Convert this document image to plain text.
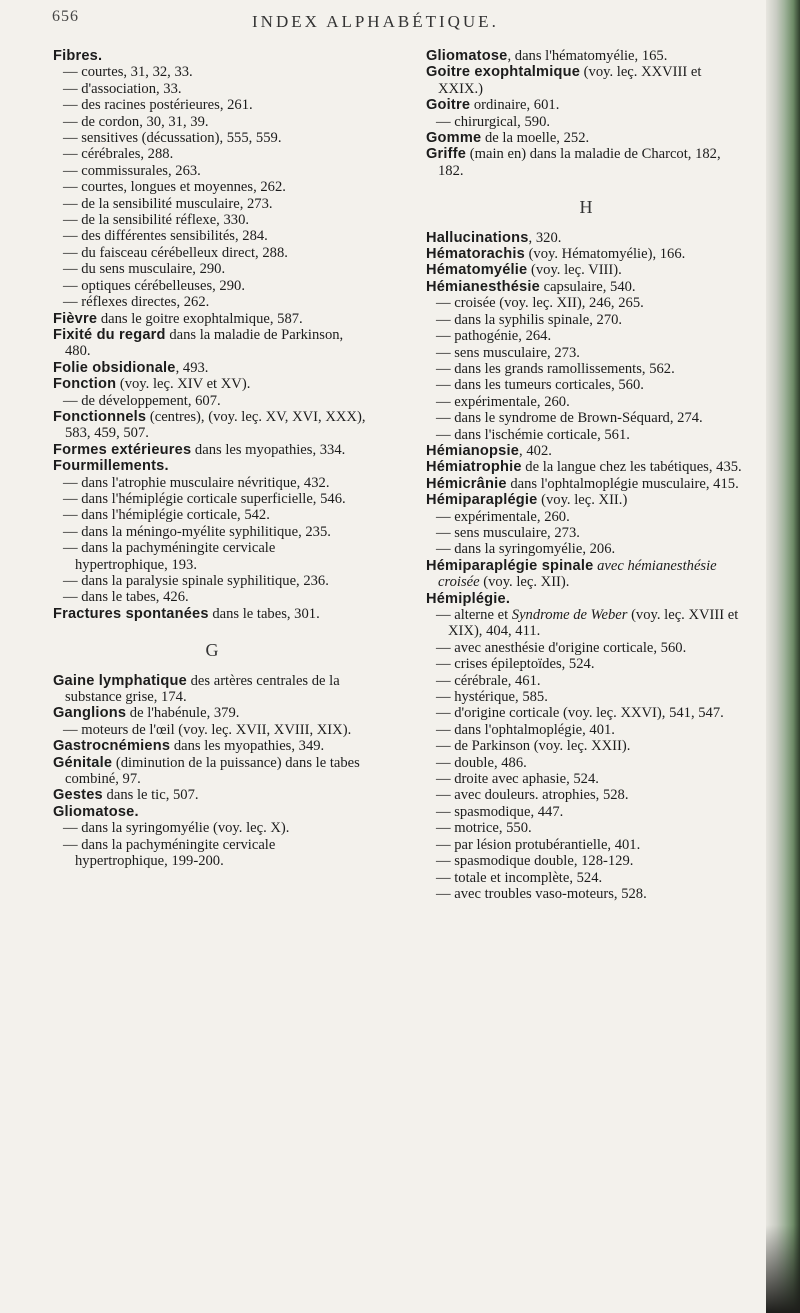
656	INDEX ALPHABÉTIQUE.

Fibres.

— courtes, 31, 32, 33.

— d'association, 33.

— des racines postérieures, 261.

— de cordon, 30, 31, 39.

— sensitives (décussation), 555, 559.

— cérébrales, 288.

— commissurales, 263.

— courtes, longues et moyennes, 262.

— de la sensibilité musculaire, 273.

— de la sensibilité réflexe, 330.

— des différentes sensibilités, 284.

— du faisceau cérébelleux direct, 288.

— du sens musculaire, 290.

— optiques cérébelleuses, 290.

— réflexes directes, 262.

Fièvre dans le goitre exophtalmique, 587.

Fixité du regard dans la maladie de Parkinson, 480.

Folie obsidionale, 493.

Fonction (voy. leç. XIV et XV).

— de développement, 607.

Fonctionnels (centres), (voy. leç. XV, XVI, XXX), 583, 459, 507.

Formes extérieures dans les myopathies, 334.

Fourmillements.

— dans l'atrophie musculaire névritique, 432.

— dans l'hémiplégie corticale superficielle, 546.

— dans l'hémiplégie corticale, 542.

— dans la méningo-myélite syphilitique, 235.

— dans la pachyméningite cervicale hypertrophique, 193.

— dans la paralysie spinale syphilitique, 236.

— dans le tabes, 426.

Fractures spontanées dans le tabes, 301.

G

Gaine lymphatique des artères centrales de la substance grise, 174.

Ganglions de l'habénule, 379.

— moteurs de l'œil (voy. leç. XVII, XVIII, XIX).

Gastrocnémiens dans les myopathies, 349.

Génitale (diminution de la puissance) dans le tabes combiné, 97.

Gestes dans le tic, 507.

Gliomatose.

— dans la syringomyélie (voy. leç. X).

— dans la pachyméningite cervicale hypertrophique, 199-200.

Gliomatose, dans l'hématomyélie, 165.

Goitre exophtalmique (voy. leç. XXVIII et XXIX.)

Goitre ordinaire, 601.

— chirurgical, 590.

Gomme de la moelle, 252.

Griffe (main en) dans la maladie de Charcot, 182, 182.

H

Hallucinations, 320.

Hématorachis (voy. Hématomyélie), 166.

Hématomyélie (voy. leç. VIII).

Hémianesthésie capsulaire, 540.

— croisée (voy. leç. XII), 246, 265.

— dans la syphilis spinale, 270.

— pathogénie, 264.

— sens musculaire, 273.

— dans les grands ramollissements, 562.

— dans les tumeurs corticales, 560.

— expérimentale, 260.

— dans le syndrome de Brown-Séquard, 274.

— dans l'ischémie corticale, 561.

Hémianopsie, 402.

Hémiatrophie de la langue chez les tabétiques, 435.

Hémicrânie dans l'ophtalmoplégie musculaire, 415.

Hémiparaplégie (voy. leç. XII.)

— expérimentale, 260.

— sens musculaire, 273.

— dans la syringomyélie, 206.

Hémiparaplégie spinale avec hémianesthésie croisée (voy. leç. XII).

Hémiplégie.

— alterne et Syndrome de Weber (voy. leç. XVIII et XIX), 404, 411.

— avec anesthésie d'origine corticale, 560.

— crises épileptoïdes, 524.

— cérébrale, 461.

— hystérique, 585.

— d'origine corticale (voy. leç. XXVI), 541, 547.

— dans l'ophtalmoplégie, 401.

— de Parkinson (voy. leç. XXII).

— double, 486.

— droite avec aphasie, 524.

— avec douleurs. atrophies, 528.

— spasmodique, 447.

— motrice, 550.

— par lésion protubérantielle, 401.

— spasmodique double, 128-129.

— totale et incomplète, 524.

— avec troubles vaso-moteurs, 528.
